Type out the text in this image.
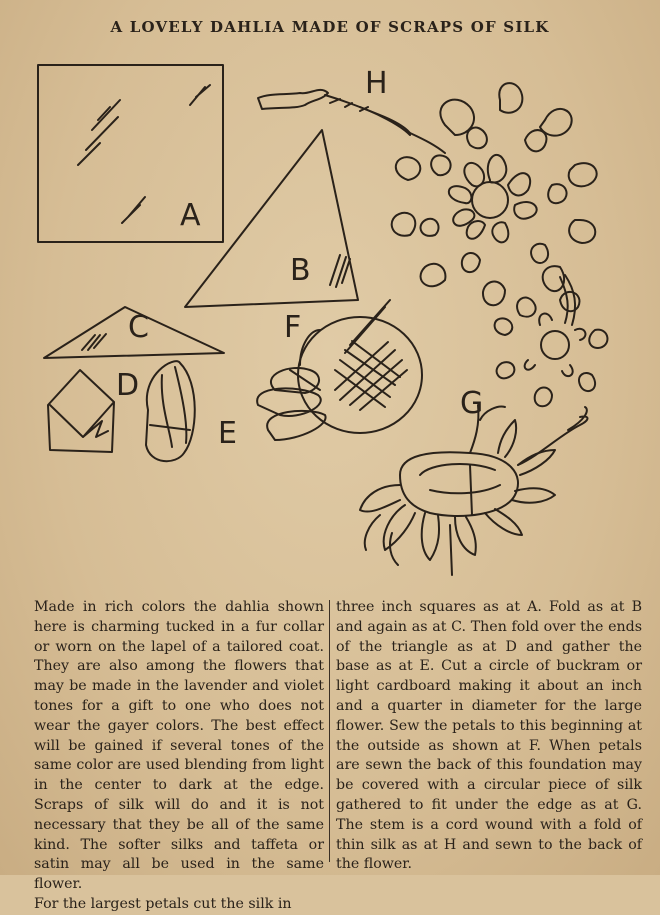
A LOVELY DAHLIA MADE OF SCRAPS OF SILK
A
B
C
D
E
F
G
H

Made in rich colors the dahlia shown here is charming tucked in a fur collar or worn on the lapel of a tailored coat. They are also among the flowers that may be made in the lavender and violet tones for a gift to one who does not wear the gayer colors. The best effect will be gained if several tones of the same color are used blending from light in the center to dark at the edge. Scraps of silk will do and it is not necessary that they be all of the same kind. The softer silks and taffeta or satin may all be used in the same flower.

For the largest petals cut the silk in

three inch squares as at A. Fold as at B and again as at C. Then fold over the ends of the triangle as at D and gather the base as at E. Cut a circle of buckram or light cardboard making it about an inch and a quarter in diameter for the large flower. Sew the petals to this beginning at the outside as shown at F. When petals are sewn the back of this foundation may be covered with a circular piece of silk gathered to fit under the edge as at G. The stem is a cord wound with a fold of thin silk as at H and sewn to the back of the flower.
